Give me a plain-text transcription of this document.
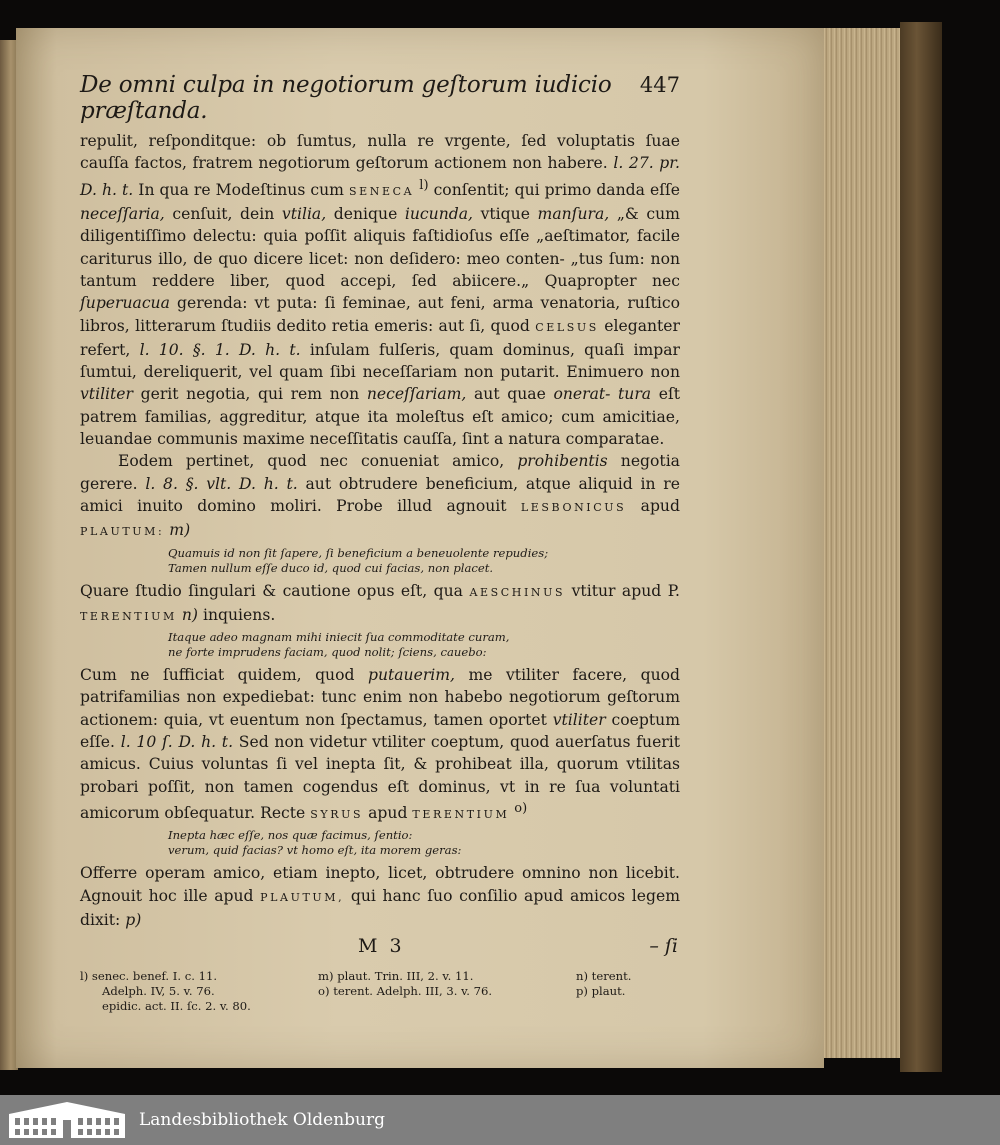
De omni culpa in negotiorum geſtorum iudicio præſtanda.
447

repulit, reſponditque: ob ſumtus, nulla re vrgente, ſed voluptatis ſuae cauſſa factos, fratrem negotiorum geſtorum actionem non habere. l. 27. pr. D. h. t. In qua re Modeſtinus cum SENECA $^{l)}$ conſentit; qui primo danda eſſe neceſſaria, cenſuit, dein vtilia, denique iucunda, vtique manſura, „& cum diligentiſſimo delectu: quia poſſit aliquis faſtidioſus eſſe „aeſtimator, facile cariturus illo, de quo dicere licet: non deſidero: meo conten- „tus ſum: non tantum reddere liber, quod accepi, ſed abiicere.„ Quapropter nec ſuperuacua gerenda: vt puta: ſi feminae, aut feni, arma venatoria, ruſtico libros, litterarum ſtudiis dedito retia emeris: aut ſi, quod CELSUS eleganter refert, l. 10. §. 1. D. h. t. inſulam fulſeris, quam dominus, quaſi impar ſumtui, dereliquerit, vel quam ſibi neceſſariam non putarit. Enimuero non vtiliter gerit negotia, qui rem non neceſſariam, aut quae onerat- tura eſt patrem familias, aggreditur, atque ita moleſtus eſt amico; cum amicitiae, leuandae communis maxime neceſſitatis cauſſa, ſint a natura comparatae.

Eodem pertinet, quod nec conueniat amico, prohibentis negotia gerere. l. 8. §. vlt. D. h. t. aut obtrudere beneficium, atque aliquid in re amici inuito domino moliri. Probe illud agnouit LESBONICUS apud PLAUTUM: m)

Quamuis id non ſit ſapere, ſi beneficium a beneuolente repudies;
Tamen nullum eſſe duco id, quod cui facias, non placet.

Quare ſtudio ſingulari & cautione opus eſt, qua AESCHINUS vtitur apud P. TERENTIUM n) inquiens.

Itaque adeo magnam mihi iniecit ſua commoditate curam,
ne forte imprudens faciam, quod nolit; ſciens, cauebo:

Cum ne ſufficiat quidem, quod putauerim, me vtiliter facere, quod patrifamilias non expediebat: tunc enim non habebo negotiorum geſtorum actionem: quia, vt euentum non ſpectamus, tamen oportet vtiliter coeptum eſſe. l. 10 ſ. D. h. t. Sed non videtur vtiliter coeptum, quod auerſatus fuerit amicus. Cuius voluntas ſi vel inepta ſit, & prohibeat illa, quorum vtilitas probari poſſit, non tamen cogendus eſt dominus, vt in re ſua voluntati amicorum obſequatur. Recte SYRUS apud TERENTIUM $^{o)}$

Inepta hæc eſſe, nos quæ facimus, ſentio:
verum, quid facias? vt homo eſt, ita morem geras:

Offerre operam amico, etiam inepto, licet, obtrudere omnino non licebit. Agnouit hoc ille apud PLAUTUM, qui hanc ſuo conſilio apud amicos legem dixit: p)

M 3	– ſi
l) senec. benef. I. c. 11.	m) plaut. Trin. III, 2. v. 11.	n) terent.
Adelph. IV, 5. v. 76.	o) terent. Adelph. III, 3. v. 76.	p) plaut.
epidic. act. II. ſc. 2. v. 80.
Landesbibliothek Oldenburg
